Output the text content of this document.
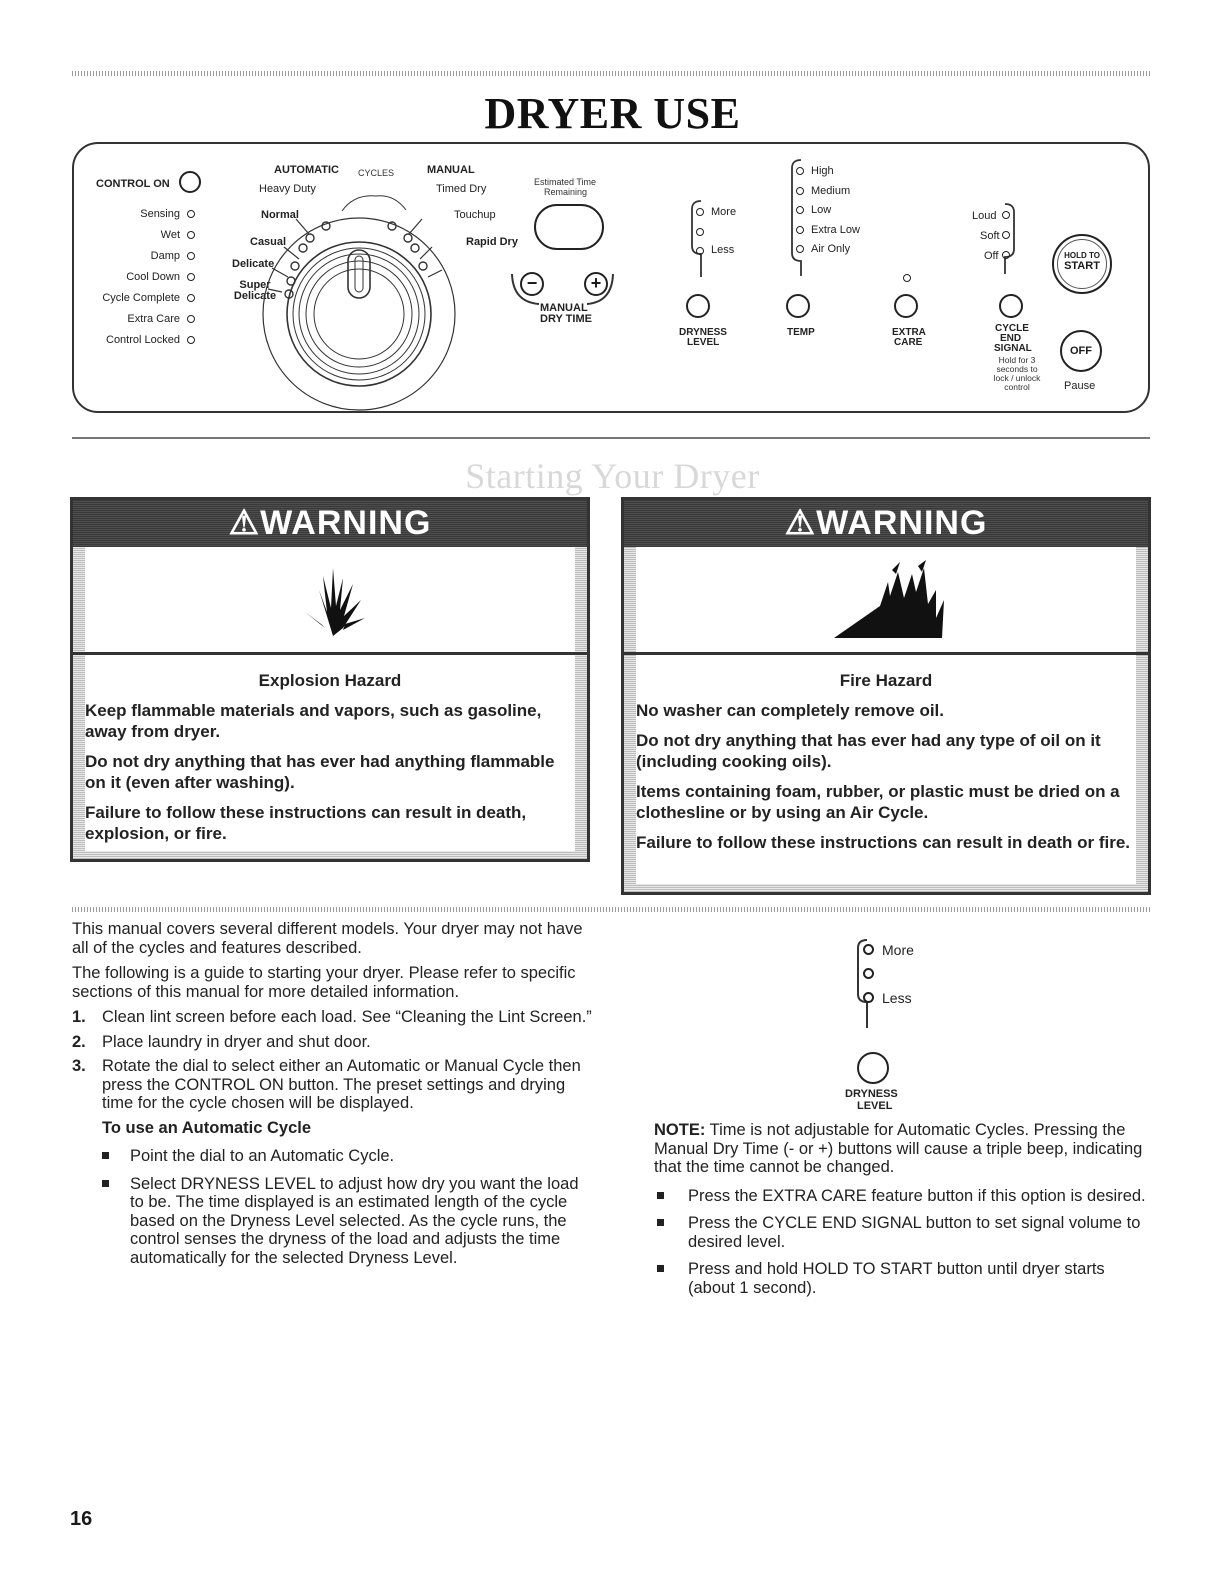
DRYER USE
CONTROL ON
Sensing
Wet
Damp
Cool Down
Cycle Complete
Extra Care
Control Locked
AUTOMATIC
Heavy Duty
Normal
Casual
Delicate
Super Delicate
CYCLES	MANUAL
Timed Dry
Touchup
Rapid Dry
Estimated Time
Remaining
−	+
MANUAL
DRY TIME
More
Less
DRYNESS
LEVEL
High
Medium
Low
Extra Low
Air Only
TEMP	EXTRA
CARE
Loud
Soft
Off
CYCLE
END
SIGNAL
Hold for 3
seconds to
lock / unlock
control
HOLD TO
START
OFF
Pause
Starting Your Dryer
⚠WARNING
Explosion Hazard

Keep flammable materials and vapors, such as gasoline, away from dryer.

Do not dry anything that has ever had anything flammable on it (even after washing).

Failure to follow these instructions can result in death, explosion, or fire.

⚠WARNING
Fire Hazard

No washer can completely remove oil.

Do not dry anything that has ever had any type of oil on it (including cooking oils).

Items containing foam, rubber, or plastic must be dried on a clothesline or by using an Air Cycle.

Failure to follow these instructions can result in death or fire.

This manual covers several different models. Your dryer may not have all of the cycles and features described.

The following is a guide to starting your dryer. Please refer to specific sections of this manual for more detailed information.

1. Clean lint screen before each load. See “Cleaning the Lint Screen.”
2. Place laundry in dryer and shut door.
3. Rotate the dial to select either an Automatic or Manual Cycle then press the CONTROL ON button. The preset settings and drying time for the cycle chosen will be displayed.
To use an Automatic Cycle
Point the dial to an Automatic Cycle.
Select DRYNESS LEVEL to adjust how dry you want the load to be. The time displayed is an estimated length of the cycle based on the Dryness Level selected. As the cycle runs, the control senses the dryness of the load and adjusts the time automatically for the selected Dryness Level.
More
Less
DRYNESS
LEVEL

NOTE: Time is not adjustable for Automatic Cycles. Pressing the Manual Dry Time (- or +) buttons will cause a triple beep, indicating that the time cannot be changed.

Press the EXTRA CARE feature button if this option is desired.
Press the CYCLE END SIGNAL button to set signal volume to desired level.
Press and hold HOLD TO START button until dryer starts (about 1 second).
16
